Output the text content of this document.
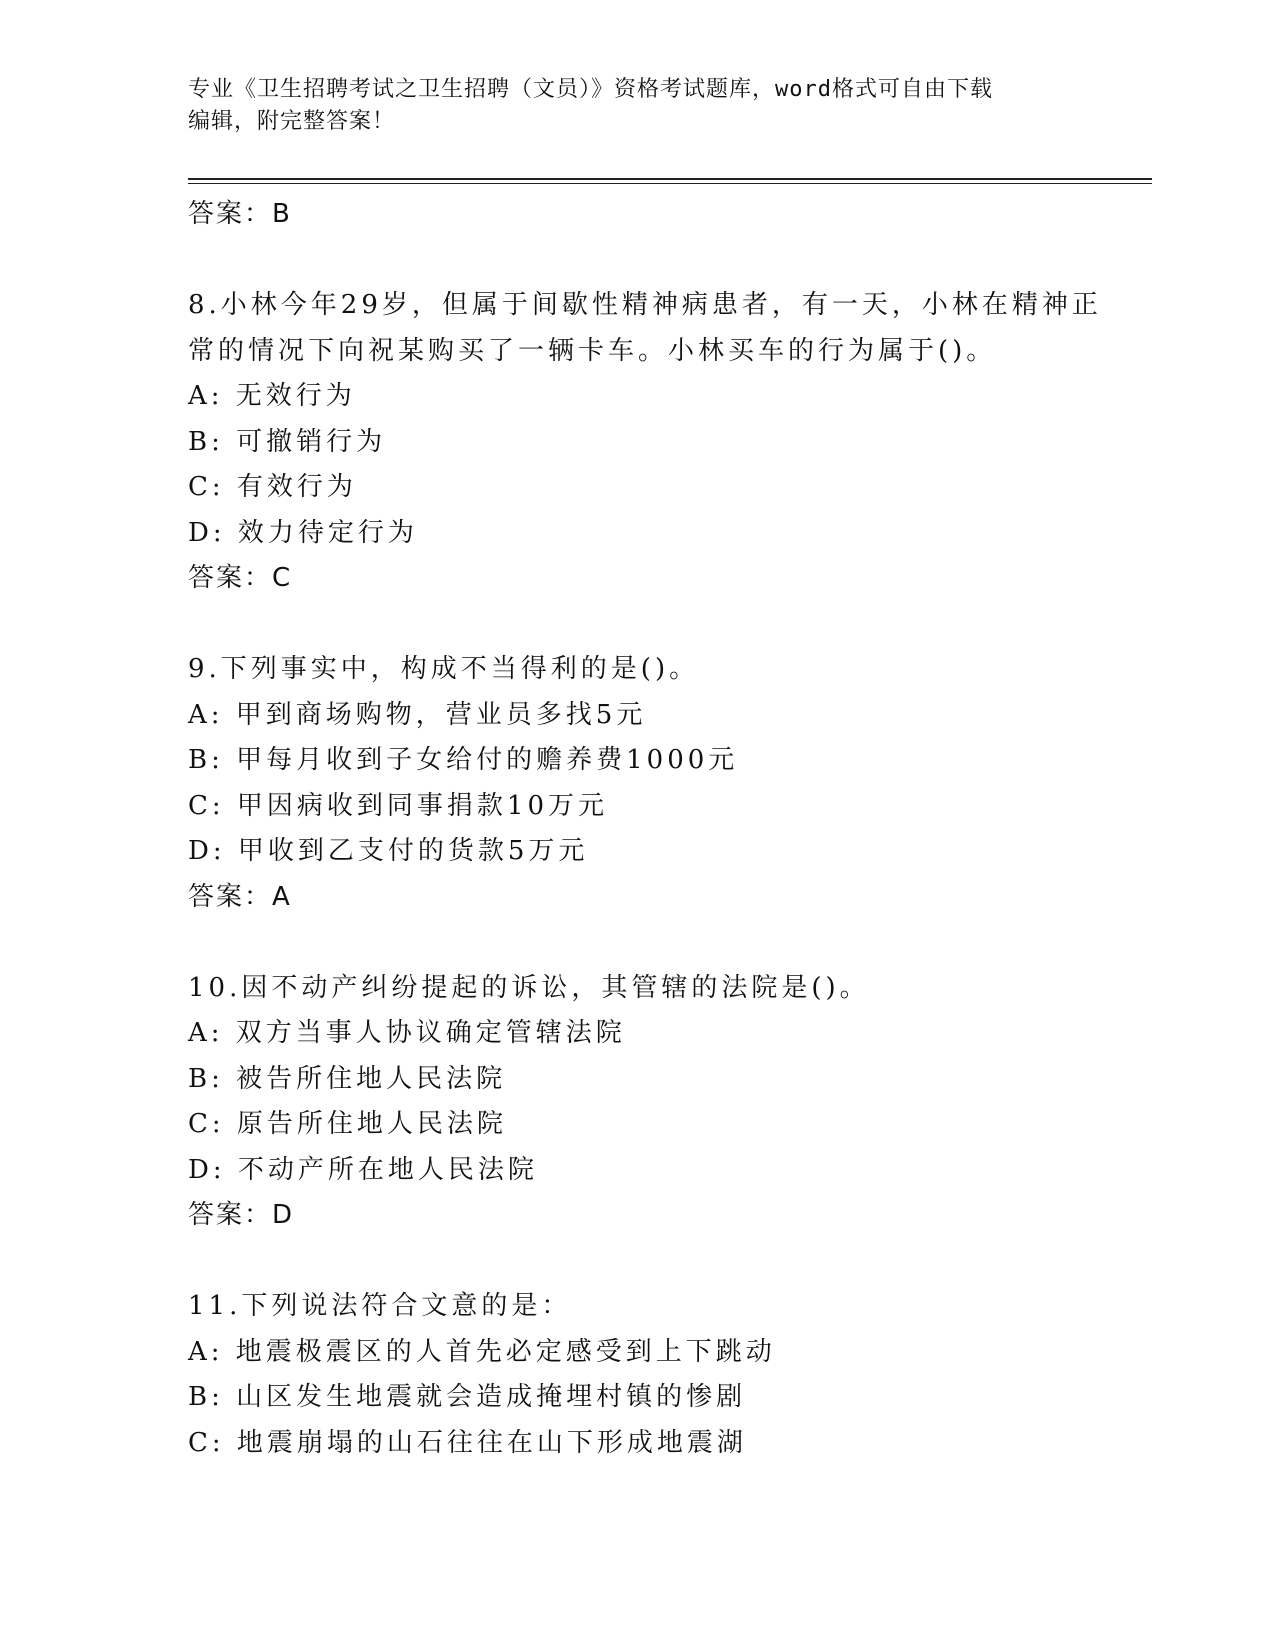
专业《卫生招聘考试之卫生招聘（文员）》资格考试题库，word格式可自由下载
编辑，附完整答案！
答案：B
8.小林今年29岁，但属于间歇性精神病患者，有一天，小林在精神正
常的情况下向祝某购买了一辆卡车。小林买车的行为属于()。
A: 无效行为
B: 可撤销行为
C: 有效行为
D: 效力待定行为
答案：C
9.下列事实中，构成不当得利的是()。
A: 甲到商场购物，营业员多找5元
B: 甲每月收到子女给付的赡养费1000元
C: 甲因病收到同事捐款10万元
D: 甲收到乙支付的货款5万元
答案：A
10.因不动产纠纷提起的诉讼，其管辖的法院是()。
A: 双方当事人协议确定管辖法院
B: 被告所住地人民法院
C: 原告所住地人民法院
D: 不动产所在地人民法院
答案：D
11.下列说法符合文意的是：
A: 地震极震区的人首先必定感受到上下跳动
B: 山区发生地震就会造成掩埋村镇的惨剧
C: 地震崩塌的山石往往在山下形成地震湖
